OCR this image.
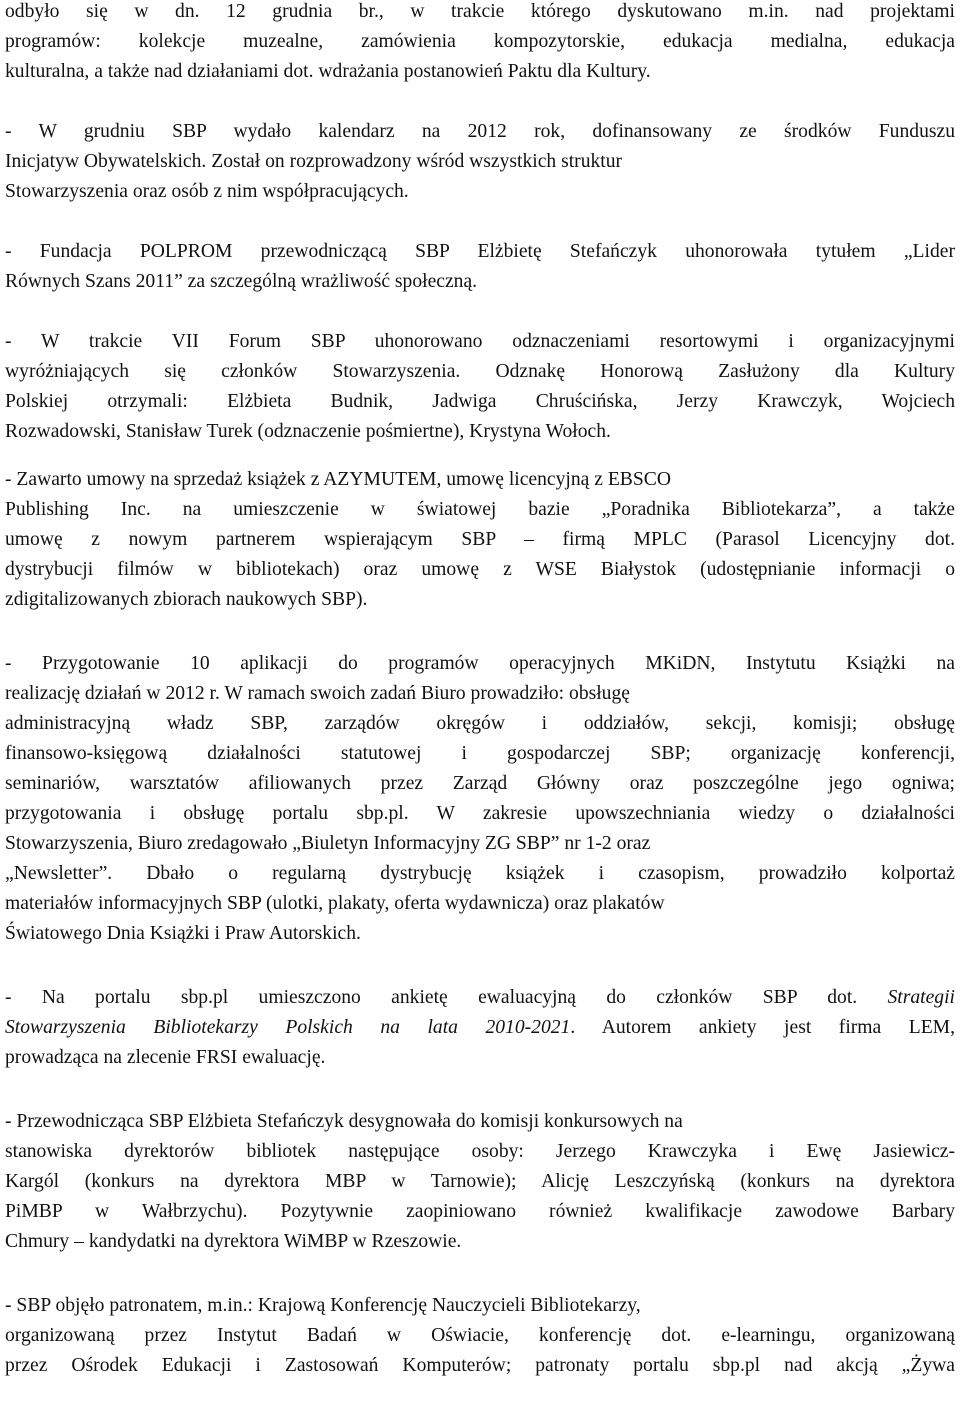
odbyło się w dn. 12 grudnia br., w trakcie którego dyskutowano m.in. nad projektami
programów: kolekcje muzealne, zamówienia kompozytorskie, edukacja medialna, edukacja
kulturalna, a także nad działaniami dot. wdrażania postanowień Paktu dla Kultury.
- W grudniu SBP wydało kalendarz na 2012 rok, dofinansowany ze środków Funduszu
Inicjatyw Obywatelskich. Został on rozprowadzony wśród wszystkich struktur
Stowarzyszenia oraz osób z nim współpracujących.
- Fundacja POLPROM przewodniczącą SBP Elżbietę Stefańczyk uhonorowała tytułem „Lider
Równych Szans 2011” za szczególną wrażliwość społeczną.
- W trakcie VII Forum SBP uhonorowano odznaczeniami resortowymi i organizacyjnymi
wyróżniających się członków Stowarzyszenia. Odznakę Honorową Zasłużony dla Kultury
Polskiej otrzymali: Elżbieta Budnik, Jadwiga Chruścińska, Jerzy Krawczyk, Wojciech
Rozwadowski, Stanisław Turek (odznaczenie pośmiertne), Krystyna Wołoch.
- Zawarto umowy na sprzedaż książek z AZYMUTEM, umowę licencyjną z EBSCO
Publishing Inc. na umieszczenie w światowej bazie „Poradnika Bibliotekarza”, a także
umowę z nowym partnerem wspierającym SBP – firmą MPLC (Parasol Licencyjny dot.
dystrybucji filmów w bibliotekach) oraz umowę z WSE Białystok (udostępnianie informacji o
zdigitalizowanych zbiorach naukowych SBP).
- Przygotowanie 10 aplikacji do programów operacyjnych MKiDN, Instytutu Książki na
realizację działań w 2012 r. W ramach swoich zadań Biuro prowadziło: obsługę
administracyjną władz SBP, zarządów okręgów i oddziałów, sekcji, komisji; obsługę
finansowo-księgową działalności statutowej i gospodarczej SBP; organizację konferencji,
seminariów, warsztatów afiliowanych przez Zarząd Główny oraz poszczególne jego ogniwa;
przygotowania i obsługę portalu sbp.pl. W zakresie upowszechniania wiedzy o działalności
Stowarzyszenia, Biuro zredagowało „Biuletyn Informacyjny ZG SBP” nr 1-2 oraz
„Newsletter”. Dbało o regularną dystrybucję książek i czasopism, prowadziło kolportaż
materiałów informacyjnych SBP (ulotki, plakaty, oferta wydawnicza) oraz plakatów
Światowego Dnia Książki i Praw Autorskich.
- Na portalu sbp.pl umieszczono ankietę ewaluacyjną do członków SBP dot. Strategii
Stowarzyszenia Bibliotekarzy Polskich na lata 2010-2021. Autorem ankiety jest firma LEM,
prowadząca na zlecenie FRSI ewaluację.
- Przewodnicząca SBP Elżbieta Stefańczyk desygnowała do komisji konkursowych na
stanowiska dyrektorów bibliotek następujące osoby: Jerzego Krawczyka i Ewę Jasiewicz-
Kargól (konkurs na dyrektora MBP w Tarnowie); Alicję Leszczyńską (konkurs na dyrektora
PiMBP w Wałbrzychu). Pozytywnie zaopiniowano również kwalifikacje zawodowe Barbary
Chmury – kandydatki na dyrektora WiMBP w Rzeszowie.
- SBP objęło patronatem, m.in.: Krajową Konferencję Nauczycieli Bibliotekarzy,
organizowaną przez Instytut Badań w Oświacie, konferencję dot. e-learningu, organizowaną
przez Ośrodek Edukacji i Zastosowań Komputerów; patronaty portalu sbp.pl nad akcją „Żywa
